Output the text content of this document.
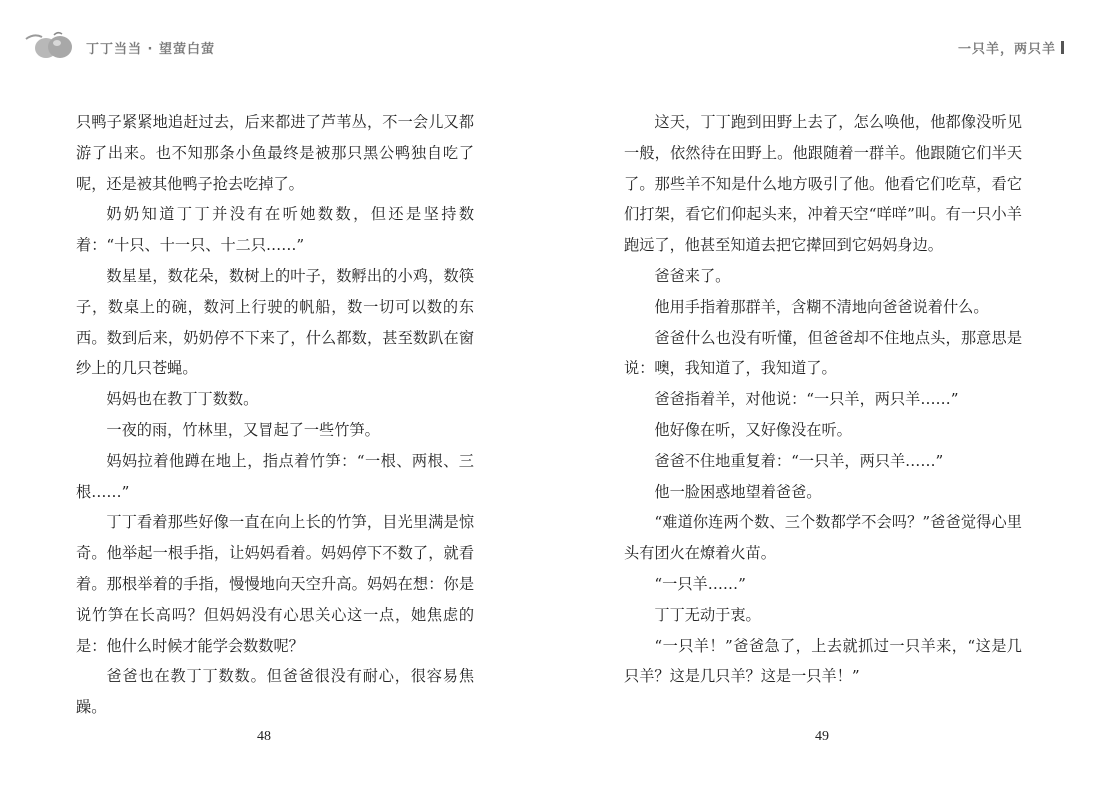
丁丁当当 · 望萤白萤

只鸭子紧紧地追赶过去，后来都进了芦苇丛，不一会儿又都游了出来。也不知那条小鱼最终是被那只黑公鸭独自吃了呢，还是被其他鸭子抢去吃掉了。

奶奶知道丁丁并没有在听她数数，但还是坚持数着：“十只、十一只、十二只……”

数星星，数花朵，数树上的叶子，数孵出的小鸡，数筷子，数桌上的碗，数河上行驶的帆船，数一切可以数的东西。数到后来，奶奶停不下来了，什么都数，甚至数趴在窗纱上的几只苍蝇。

妈妈也在教丁丁数数。

一夜的雨，竹林里，又冒起了一些竹笋。

妈妈拉着他蹲在地上，指点着竹笋：“一根、两根、三根……”

丁丁看着那些好像一直在向上长的竹笋，目光里满是惊奇。他举起一根手指，让妈妈看着。妈妈停下不数了，就看着。那根举着的手指，慢慢地向天空升高。妈妈在想：你是说竹笋在长高吗？但妈妈没有心思关心这一点，她焦虑的是：他什么时候才能学会数数呢？

爸爸也在教丁丁数数。但爸爸很没有耐心，很容易焦躁。

48
一只羊，两只羊

这天，丁丁跑到田野上去了，怎么唤他，他都像没听见一般，依然待在田野上。他跟随着一群羊。他跟随它们半天了。那些羊不知是什么地方吸引了他。他看它们吃草，看它们打架，看它们仰起头来，冲着天空“咩咩”叫。有一只小羊跑远了，他甚至知道去把它撵回到它妈妈身边。

爸爸来了。

他用手指着那群羊，含糊不清地向爸爸说着什么。

爸爸什么也没有听懂，但爸爸却不住地点头，那意思是说：噢，我知道了，我知道了。

爸爸指着羊，对他说：“一只羊，两只羊……”

他好像在听，又好像没在听。

爸爸不住地重复着：“一只羊，两只羊……”

他一脸困惑地望着爸爸。

“难道你连两个数、三个数都学不会吗？”爸爸觉得心里头有团火在燎着火苗。

“一只羊……”

丁丁无动于衷。

“一只羊！”爸爸急了，上去就抓过一只羊来，“这是几只羊？这是几只羊？这是一只羊！”

49
